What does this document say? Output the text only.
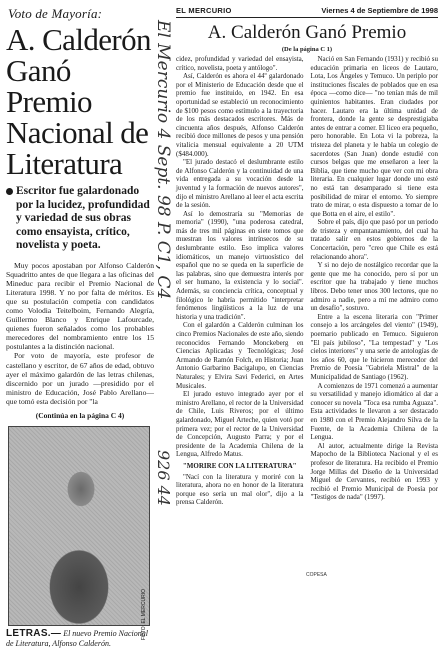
Voto de Mayoría:
A. Calderón Ganó Premio Nacional de Literatura
Escritor fue galardonado por la lucidez, profundidad y variedad de sus obras como ensayista, crítico, novelista y poeta.

Muy pocos apostaban por Alfonso Calderón Squadritto antes de que llegara a las oficinas del Mineduc para recibir el Premio Nacional de Literatura 1998. Y no por falta de méritos. Es que su postulación competía con candidatos como Volodia Teitelboim, Fernando Alegría, Guillermo Blanco y Enrique Lafourcade, quienes fueron señalados como los probables merecedores del nombramiento entre los 15 postulantes a la distinción nacional.
Por voto de mayoría, este profesor de castellano y escritor, de 67 años de edad, obtuvo ayer el máximo galardón de las letras chilenas, discernido por un jurado —presidido por el ministro de Educación, José Pablo Arellano— que tomó esta decisión por "la

(Continúa en la página C 4)
FOTO: EL MERCURIO
LETRAS.— El nuevo Premio Nacional de Literatura, Alfonso Calderón.
El Mercurio 4 Sept. 98 P. C1, C4
926 44
EL MERCURIO	Viernes 4 de Septiembre de 1998
A. Calderón Ganó Premio
(De la página C 1)

cidez, profundidad y variedad del ensayista, crítico, novelista, poeta y antólogo".

Así, Calderón es ahora el 44º galardonado por el Ministerio de Educación desde que el premio fue instituido, en 1942. En esa oportunidad se estableció un reconocimiento de $100 pesos como estímulo a la trayectoria de los más destacados escritores. Más de cincuenta años después, Alfonso Calderón recibió doce millones de pesos y una pensión vitalicia mensual equivalente a 20 UTM ($484.000).

"El jurado destacó el deslumbrante estilo de Alfonso Calderón y la continuidad de una vida entregada a su vocación desde la juventud y la formación de nuevos autores", dijo el ministro Arellano al leer el acta escrita de la sesión.

Así lo demostraría su "Memorias de memoria" (1990), "una poderosa catedral, más de tres mil páginas en siete tomos que muestran los valores intrínsecos de su deslumbrante estilo. Eso implica valores idiomáticos, un manejo virtuosístico del español que no se queda en la superficie de las palabras, sino que demuestra interés por el ser humano, la existencia y lo social". Además, su conciencia crítica, conceptual y filológico le habría permitido "interpretar fenómenos lingüísticos a la luz de una historia y una tradición".

Con el galardón a Calderón culminan los cinco Premios Nacionales de este año, siendo reconocidos Fernando Monckeberg en Ciencias Aplicadas y Tecnológicas; José Armando de Ramón Folch, en Historia; Juan Antonio Garbarino Bacigalupo, en Ciencias Naturales; y Elvira Savi Federici, en Artes Musicales.

El jurado estuvo integrado ayer por el ministro Arellano, el rector de la Universidad de Chile, Luis Riveros; por el último galardonado, Miguel Arteche, quien votó por primera vez; por el rector de la Universidad de Concepción, Augusto Parra; y por el presidente de la Academia Chilena de la Lengua, Alfredo Matus.

"MORIRE CON LA LITERATURA"

"Nací con la literatura y moriré con la literatura, ahora no en honor de la literatura porque eso sería un mal olor", dijo a la prensa Calderón.

Nació en San Fernando (1931) y recibió su educación primaria en liceos de Lautaro, Lota, Los Ángeles y Temuco. Un periplo por instituciones fiscales de poblados que en esa época —como dice— "no tenían más de mil quinientos habitantes. Eran ciudades por hacer. Lautaro era la última unidad de frontera, donde la gente se desprestigiaba antes de entrar a comer. El liceo era pequeño, pero honorable. En Lota vi la pobreza, la tristeza del planeta y le había un colegio de sacerdotes (San Juan) donde estudié con cursos belgas que me enseñaron a leer la Biblia, que tiene mucho que ver con mi obra literaria. En cualquier lugar donde uno esté no está tan desamparado si tiene esta posibilidad de mirar el entorno. Yo siempre trato de mirar, o esta dispuesto a tomar de lo que Botta en el aire, el estilo".

Sobre el país, dijo que pasó por un periodo de tristeza y empantanamiento, del cual ha tratado salir en estos gobiernos de la Concertación, pero "creo que Chile es está relacionando ahora".

Y si no dejo de nostálgico recordar que la gente que me ha conocido, pero sí por un escritor que ha trabajado y tiene muchos libros. Debo tener unos 300 lectores, que no admiro a nadie, pero a mí me admiro como un desafío", sostuvo.

Entre a la escena literaria con "Primer consejo a los arcángeles del viento" (1949), poemario publicado en Temuco. Siguieron "El país jubiloso", "La tempestad" y "Los cielos interiores" y una serie de antologías de los años 60, que le hicieron merecedor del Premio de Poesía "Gabriela Mistral" de la Municipalidad de Santiago (1962).

A comienzos de 1971 comenzó a aumentar su versatilidad y manejo idiomático al dar a conocer su novela "Toca esa rumba Aguaza". Esta actividades le llevaron a ser destacado en 1980 con el Premio Alejandro Silva de la Fuente, de la Academia Chilena de la Lengua.

Al autor, actualmente dirige la Revista Mapocho de la Biblioteca Nacional y el es profesor de literatura. Ha recibido el Premio Jorge Millas del Diseño de la Universidad Miguel de Cervantes, recibió en 1993 y recibió el Premio Municipal de Poesía por "Testigos de nada" (1997).

COPESA
